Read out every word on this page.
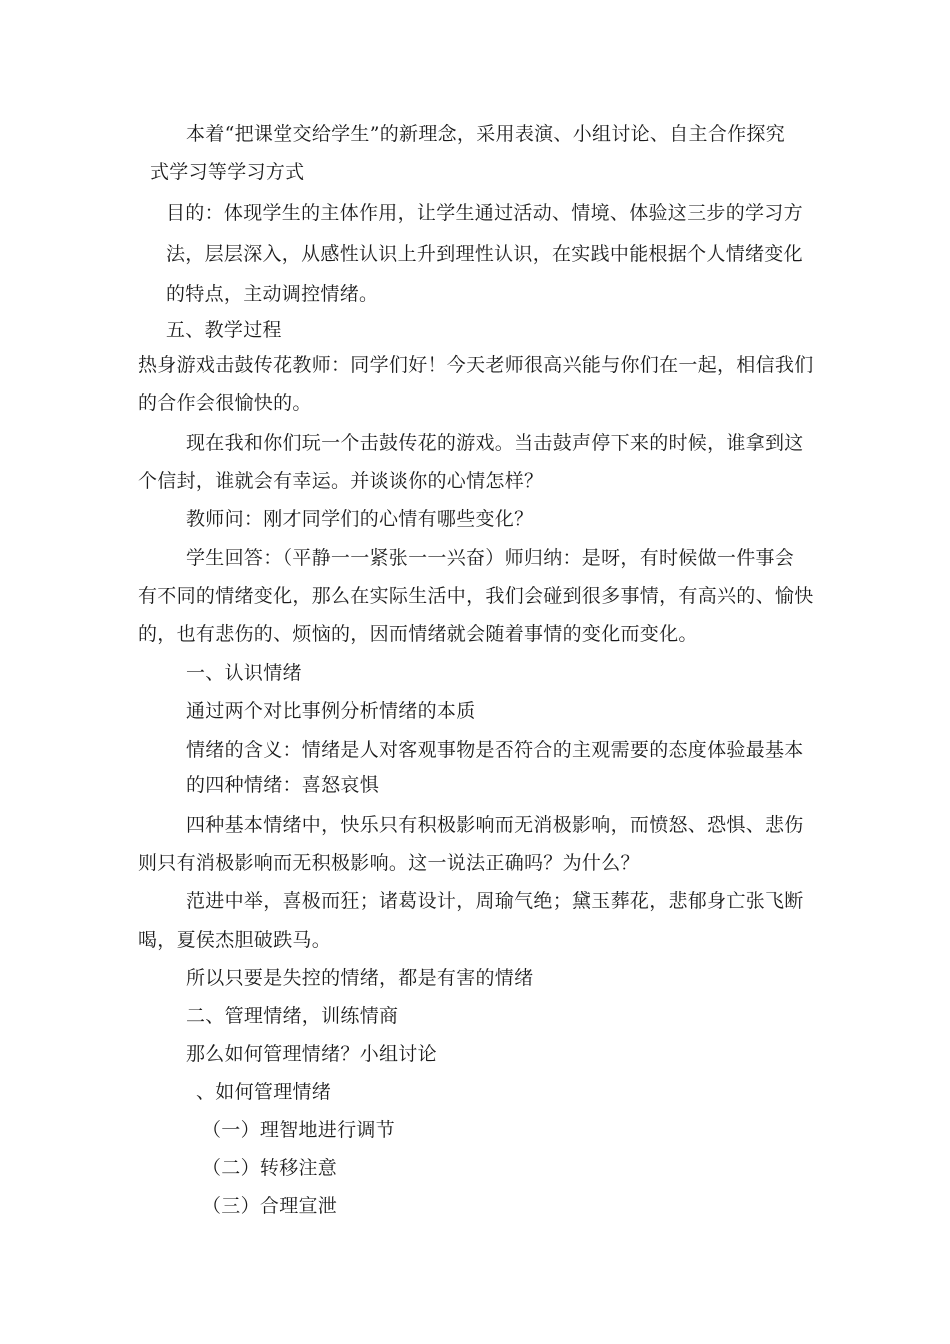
本着“把课堂交给学生”的新理念，采用表演、小组讨论、自主合作探究
式学习等学习方式
目的：体现学生的主体作用，让学生通过活动、情境、体验这三步的学习方
法，层层深入，从感性认识上升到理性认识，在实践中能根据个人情绪变化
的特点，主动调控情绪。
五、教学过程
热身游戏击鼓传花教师：同学们好！今天老师很高兴能与你们在一起，相信我们
的合作会很愉快的。
现在我和你们玩一个击鼓传花的游戏。当击鼓声停下来的时候，谁拿到这
个信封，谁就会有幸运。并谈谈你的心情怎样？
教师问：刚才同学们的心情有哪些变化？
学生回答：（平静一一紧张一一兴奋）师归纳：是呀，有时候做一件事会
有不同的情绪变化，那么在实际生活中，我们会碰到很多事情，有高兴的、愉快
的，也有悲伤的、烦恼的，因而情绪就会随着事情的变化而变化。
一、认识情绪
通过两个对比事例分析情绪的本质
情绪的含义：情绪是人对客观事物是否符合的主观需要的态度体验最基本
的四种情绪：喜怒哀惧
四种基本情绪中，快乐只有积极影响而无消极影响，而愤怒、恐惧、悲伤
则只有消极影响而无积极影响。这一说法正确吗？为什么？
范进中举，喜极而狂；诸葛设计，周瑜气绝；黛玉葬花，悲郁身亡张飞断
喝，夏侯杰胆破跌马。
所以只要是失控的情绪，都是有害的情绪
二、管理情绪，训练情商
那么如何管理情绪？小组讨论
、如何管理情绪
（一）理智地进行调节
（二）转移注意
（三）合理宣泄
